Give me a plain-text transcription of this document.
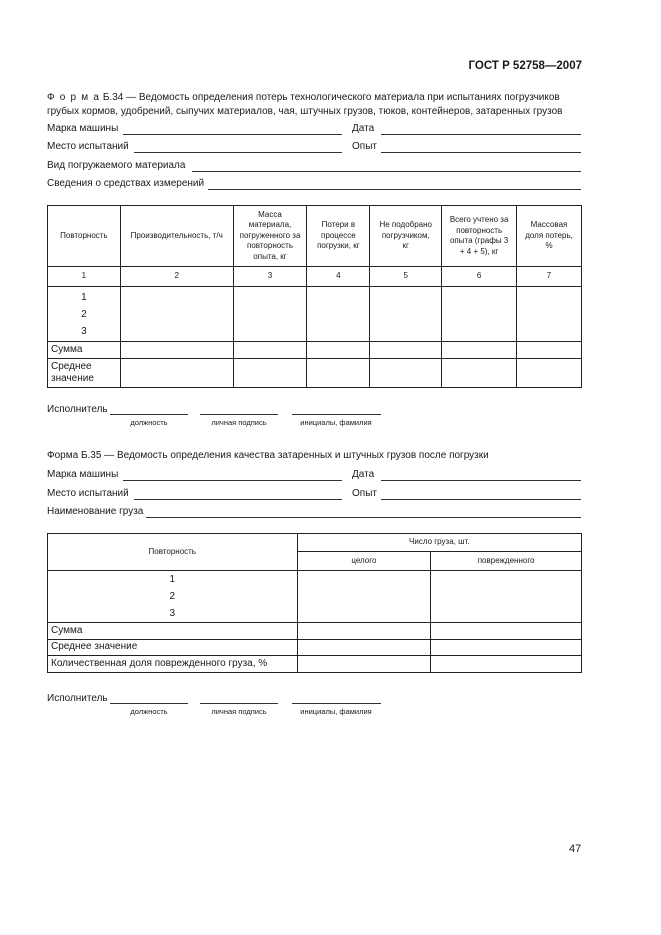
ГОСТ Р 52758—2007
Ф о р м а Б.34 — Ведомость определения потерь технологического материала при испытаниях погрузчиков грубых кормов, удобрений, сыпучих материалов, чая, штучных грузов, тюков, контейнеров, затаренных грузов
Марка машины	Дата
Место испытаний	Опыт
Вид погружаемого материала
Сведения о средствах измерений
Повторность	Производительность, т/ч	Масса материала, погруженного за повторность опыта, кг	Потери в процессе погрузки, кг	Не подобрано погрузчиком, кг	Всего учтено за повторность опыта (графы 3 + 4 + 5), кг	Массовая доля потерь, %
1	2	3	4	5	6	7

1
2
3						

Сумма						
Среднее значение						
Исполнитель
должность	личная подпись	инициалы, фамилия
Форма Б.35 — Ведомость определения качества затаренных и штучных грузов после погрузки
Марка машины	Дата
Место испытаний	Опыт
Наименование груза
Повторность	Число груза, шт.	
	целого	поврежденного

1
2
3		

Сумма		
Среднее значение		
Количественная доля поврежденного груза, %		
Исполнитель
должность	личная подпись	инициалы, фамилия
47
